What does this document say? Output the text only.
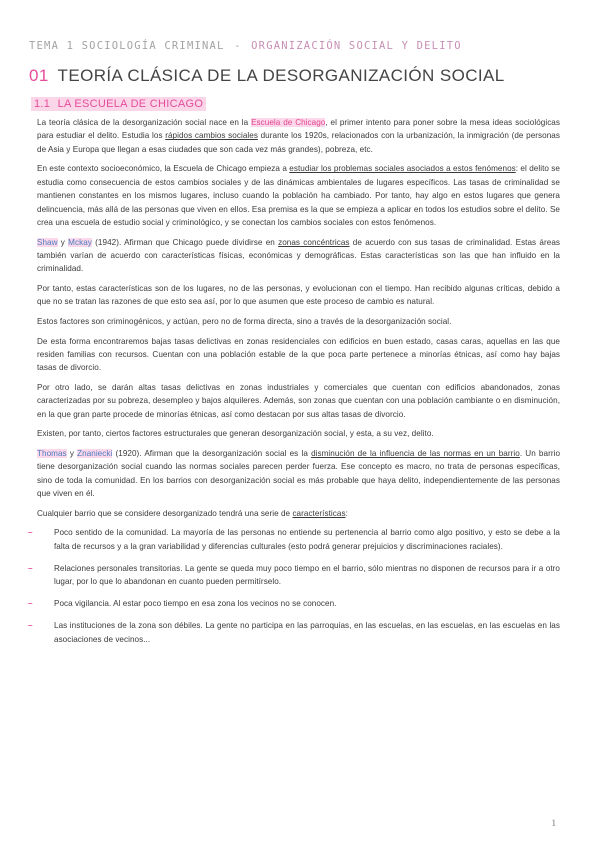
TEMA 1 SOCIOLOGÍA CRIMINAL - ORGANIZACIÓN SOCIAL Y DELITO
01 TEORÍA CLÁSICA DE LA DESORGANIZACIÓN SOCIAL
1.1 LA ESCUELA DE CHICAGO

La teoría clásica de la desorganización social nace en la Escuela de Chicago, el primer intento para poner sobre la mesa ideas sociológicas para estudiar el delito. Estudia los rápidos cambios sociales durante los 1920s, relacionados con la urbanización, la inmigración (de personas de Asia y Europa que llegan a esas ciudades que son cada vez más grandes), pobreza, etc.

En este contexto socioeconómico, la Escuela de Chicago empieza a estudiar los problemas sociales asociados a estos fenómenos: el delito se estudia como consecuencia de estos cambios sociales y de las dinámicas ambientales de lugares específicos. Las tasas de criminalidad se mantienen constantes en los mismos lugares, incluso cuando la población ha cambiado. Por tanto, hay algo en estos lugares que genera delincuencia, más allá de las personas que viven en ellos. Esa premisa es la que se empieza a aplicar en todos los estudios sobre el delito. Se crea una escuela de estudio social y criminológico, y se conectan los cambios sociales con estos fenómenos.

Shaw y Mckay (1942). Afirman que Chicago puede dividirse en zonas concéntricas de acuerdo con sus tasas de criminalidad. Estas áreas también varían de acuerdo con características físicas, económicas y demográficas. Estas características son las que han influido en la criminalidad.

Por tanto, estas características son de los lugares, no de las personas, y evolucionan con el tiempo. Han recibido algunas críticas, debido a que no se tratan las razones de que esto sea así, por lo que asumen que este proceso de cambio es natural.

Estos factores son criminogénicos, y actúan, pero no de forma directa, sino a través de la desorganización social.

De esta forma encontraremos bajas tasas delictivas en zonas residenciales con edificios en buen estado, casas caras, aquellas en las que residen familias con recursos. Cuentan con una población estable de la que poca parte pertenece a minorías étnicas, así como hay bajas tasas de divorcio.

Por otro lado, se darán altas tasas delictivas en zonas industriales y comerciales que cuentan con edificios abandonados, zonas caracterizadas por su pobreza, desempleo y bajos alquileres. Además, son zonas que cuentan con una población cambiante o en disminución, en la que gran parte procede de minorías étnicas, así como destacan por sus altas tasas de divorcio.

Existen, por tanto, ciertos factores estructurales que generan desorganización social, y esta, a su vez, delito.

Thomas y Znaniecki (1920). Afirman que la desorganización social es la disminución de la influencia de las normas en un barrio. Un barrio tiene desorganización social cuando las normas sociales parecen perder fuerza. Ese concepto es macro, no trata de personas específicas, sino de toda la comunidad. En los barrios con desorganización social es más probable que haya delito, independientemente de las personas que viven en él.

Cualquier barrio que se considere desorganizado tendrá una serie de características:

–	Poco sentido de la comunidad. La mayoría de las personas no entiende su pertenencia al barrio como algo positivo, y esto se debe a la falta de recursos y a la gran variabilidad y diferencias culturales (esto podrá generar prejuicios y discriminaciones raciales).
–	Relaciones personales transitorias. La gente se queda muy poco tiempo en el barrio, sólo mientras no disponen de recursos para ir a otro lugar, por lo que lo abandonan en cuanto pueden permitírselo.
–	Poca vigilancia. Al estar poco tiempo en esa zona los vecinos no se conocen.
–	Las instituciones de la zona son débiles. La gente no participa en las parroquias, en las escuelas, en las escuelas, en las escuelas en las asociaciones de vecinos...
1
